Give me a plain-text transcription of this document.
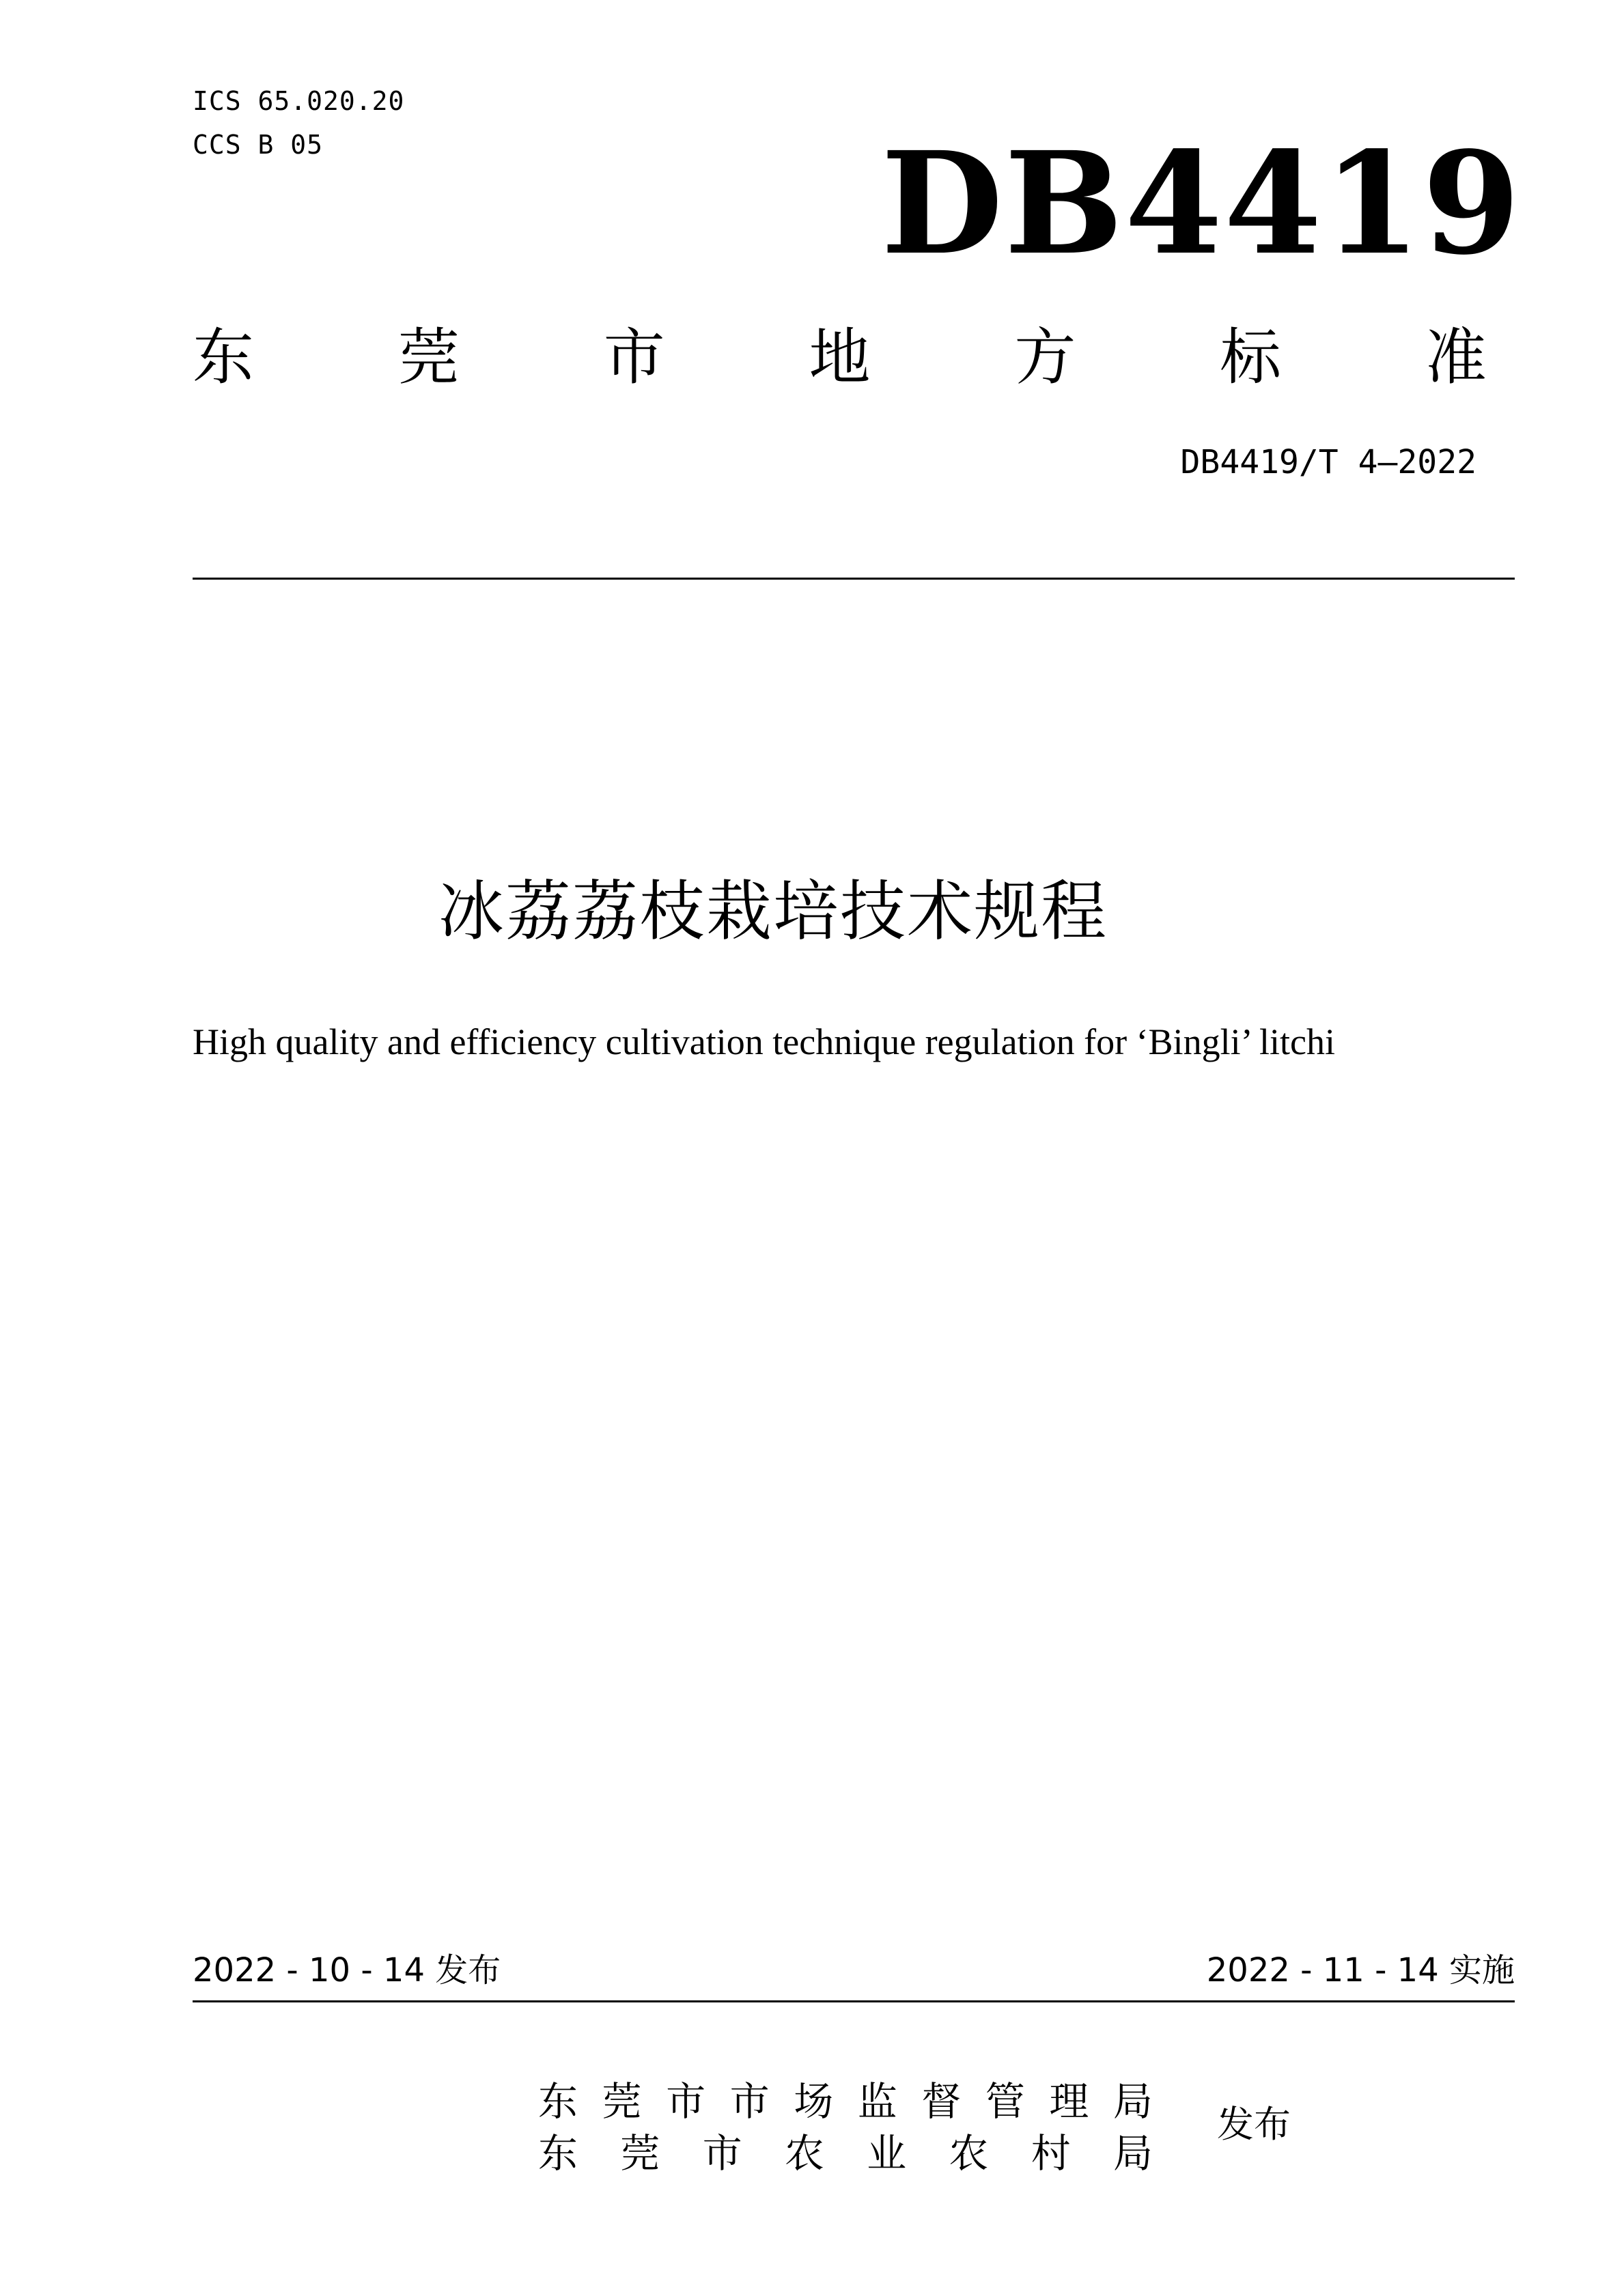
ICS 65.020.20
CCS B 05	DB4419
东 莞 市 地 方 标 准
DB4419/T 4—2022
冰荔荔枝栽培技术规程
High quality and efficiency cultivation technique regulation for ‘Bingli’ litchi
2022 - 10 - 14 发布	2022 - 11 - 14 实施
东 莞 市 市 场 监 督 管 理 局
东 莞 市 农 业 农 村 局
发布
